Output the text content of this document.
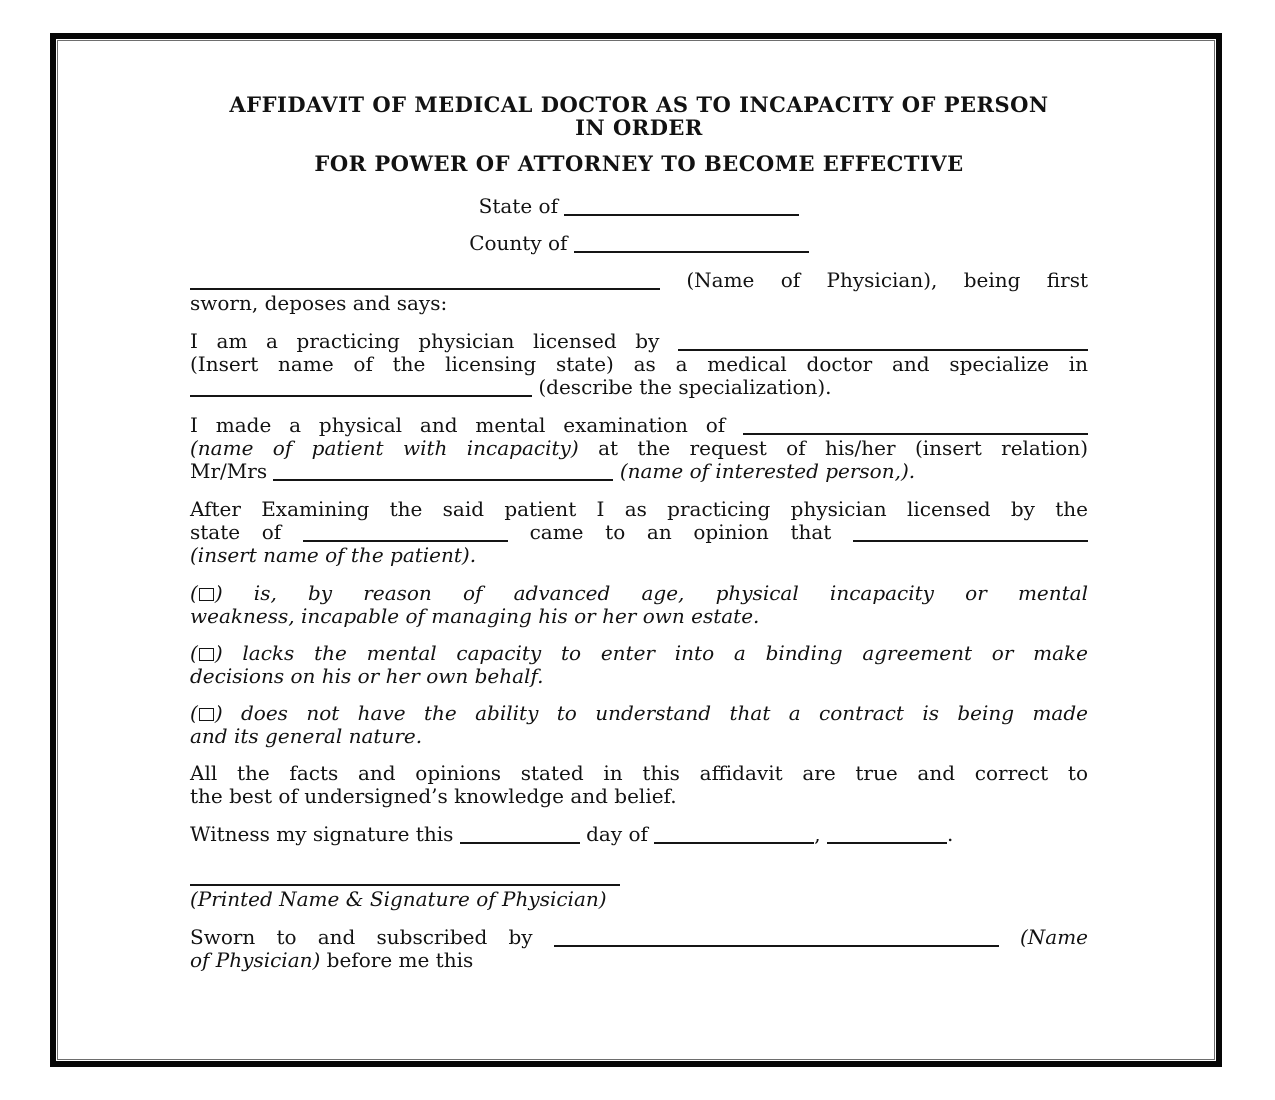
AFFIDAVIT OF MEDICAL DOCTOR AS TO INCAPACITY OF PERSON
IN ORDER
FOR POWER OF ATTORNEY TO BECOME EFFECTIVE
State of
County of
(Name of Physician), being first
sworn, deposes and says:
I am a practicing physician licensed by
(Insert name of the licensing state) as a medical doctor and specialize in
(describe the specialization).
I made a physical and mental examination of
(name of patient with incapacity) at the request of his/her (insert relation)
Mr/Mrs	(name of interested person,).
After Examining the said patient I as practicing physician licensed by the
state of	came to an opinion that
(insert name of the patient).
( ) is, by reason of advanced age, physical incapacity or mental
weakness, incapable of managing his or her own estate.
( ) lacks the mental capacity to enter into a binding agreement or make
decisions on his or her own behalf.
( ) does not have the ability to understand that a contract is being made
and its general nature.
All the facts and opinions stated in this affidavit are true and correct to
the best of undersigned’s knowledge and belief.
Witness my signature this	day of	,	.
(Printed Name & Signature of Physician)
Sworn to and subscribed by	(Name
of Physician) before me this
